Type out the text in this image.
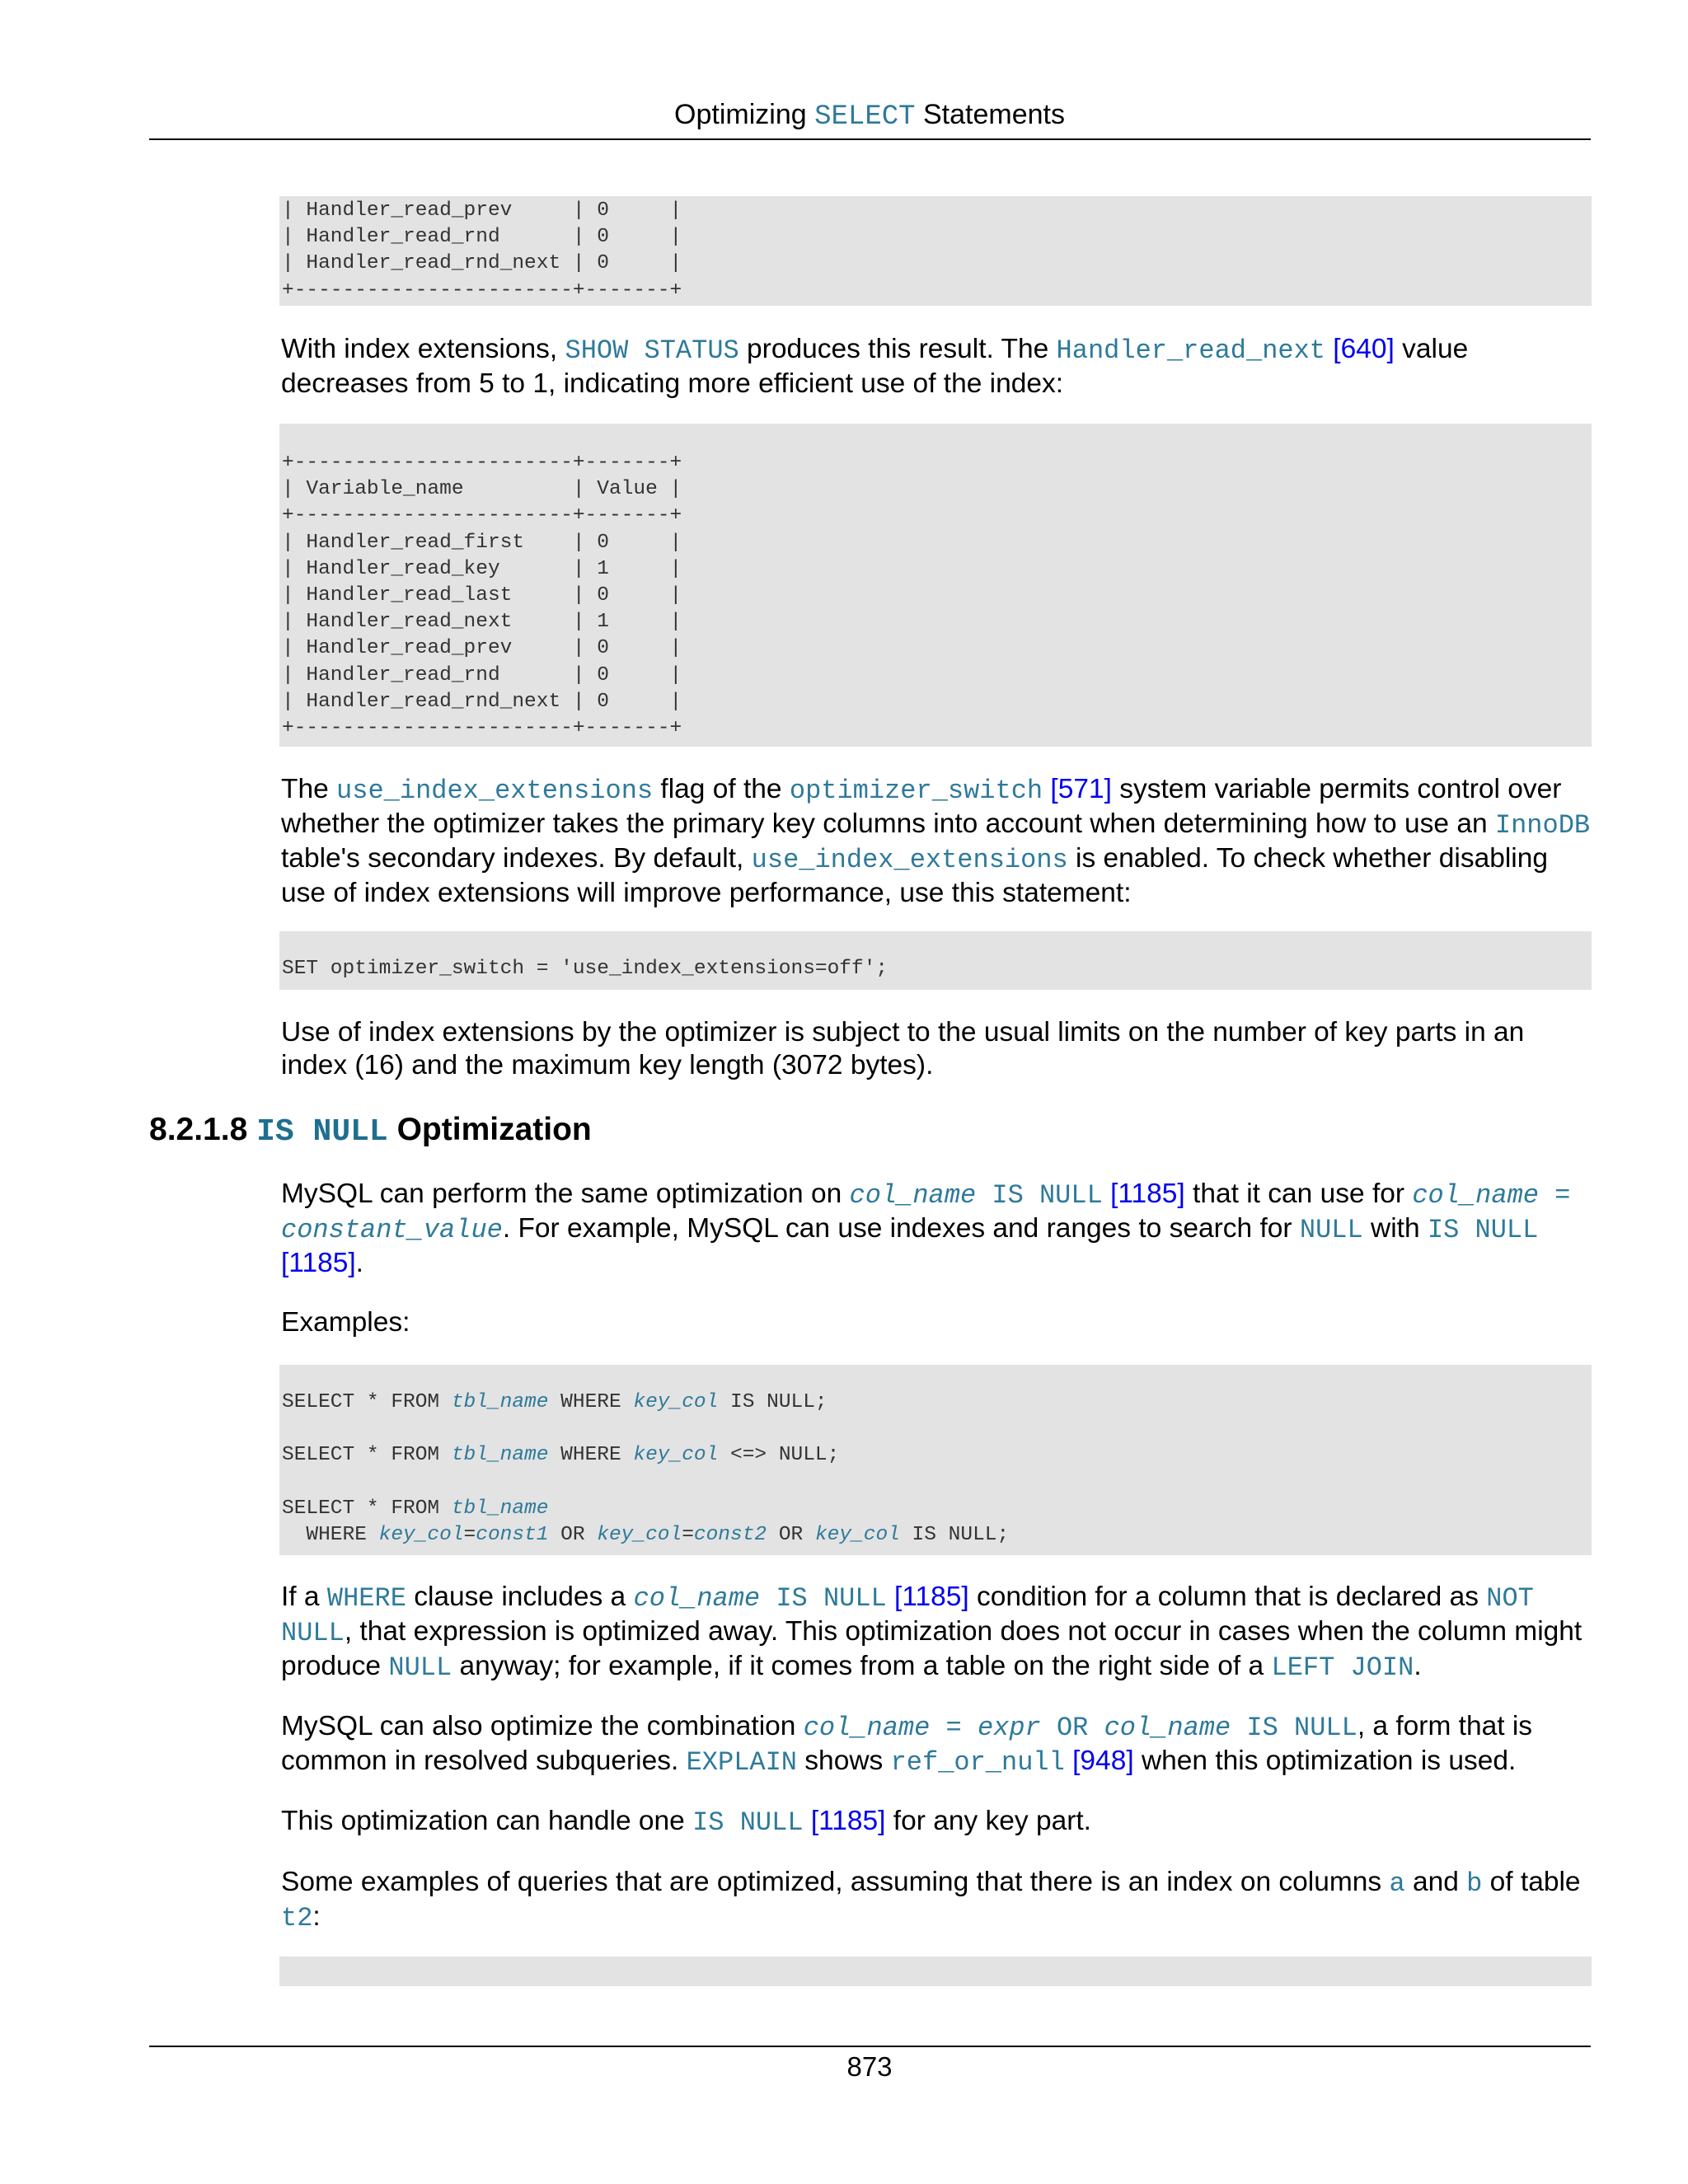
Optimizing SELECT Statements
| Handler_read_prev     | 0     |
| Handler_read_rnd      | 0     |
| Handler_read_rnd_next | 0     |
+-----------------------+-------+

With index extensions, SHOW STATUS produces this result. The Handler_read_next [640] value decreases from 5 to 1, indicating more efficient use of the index:

+-----------------------+-------+
| Variable_name         | Value |
+-----------------------+-------+
| Handler_read_first    | 0     |
| Handler_read_key      | 1     |
| Handler_read_last     | 0     |
| Handler_read_next     | 1     |
| Handler_read_prev     | 0     |
| Handler_read_rnd      | 0     |
| Handler_read_rnd_next | 0     |
+-----------------------+-------+

The use_index_extensions flag of the optimizer_switch [571] system variable permits control over whether the optimizer takes the primary key columns into account when determining how to use an InnoDB table's secondary indexes. By default, use_index_extensions is enabled. To check whether disabling use of index extensions will improve performance, use this statement:

SET optimizer_switch = 'use_index_extensions=off';

Use of index extensions by the optimizer is subject to the usual limits on the number of key parts in an index (16) and the maximum key length (3072 bytes).

8.2.1.8 IS NULL Optimization

MySQL can perform the same optimization on col_name IS NULL [1185] that it can use for col_name = constant_value. For example, MySQL can use indexes and ranges to search for NULL with IS NULL [1185].

Examples:

SELECT * FROM tbl_name WHERE key_col IS NULL;

SELECT * FROM tbl_name WHERE key_col <=> NULL;

SELECT * FROM tbl_name
WHERE key_col=const1 OR key_col=const2 OR key_col IS NULL;

If a WHERE clause includes a col_name IS NULL [1185] condition for a column that is declared as NOT NULL, that expression is optimized away. This optimization does not occur in cases when the column might produce NULL anyway; for example, if it comes from a table on the right side of a LEFT JOIN.

MySQL can also optimize the combination col_name = expr OR col_name IS NULL, a form that is common in resolved subqueries. EXPLAIN shows ref_or_null [948] when this optimization is used.

This optimization can handle one IS NULL [1185] for any key part.

Some examples of queries that are optimized, assuming that there is an index on columns a and b of table t2:

873
